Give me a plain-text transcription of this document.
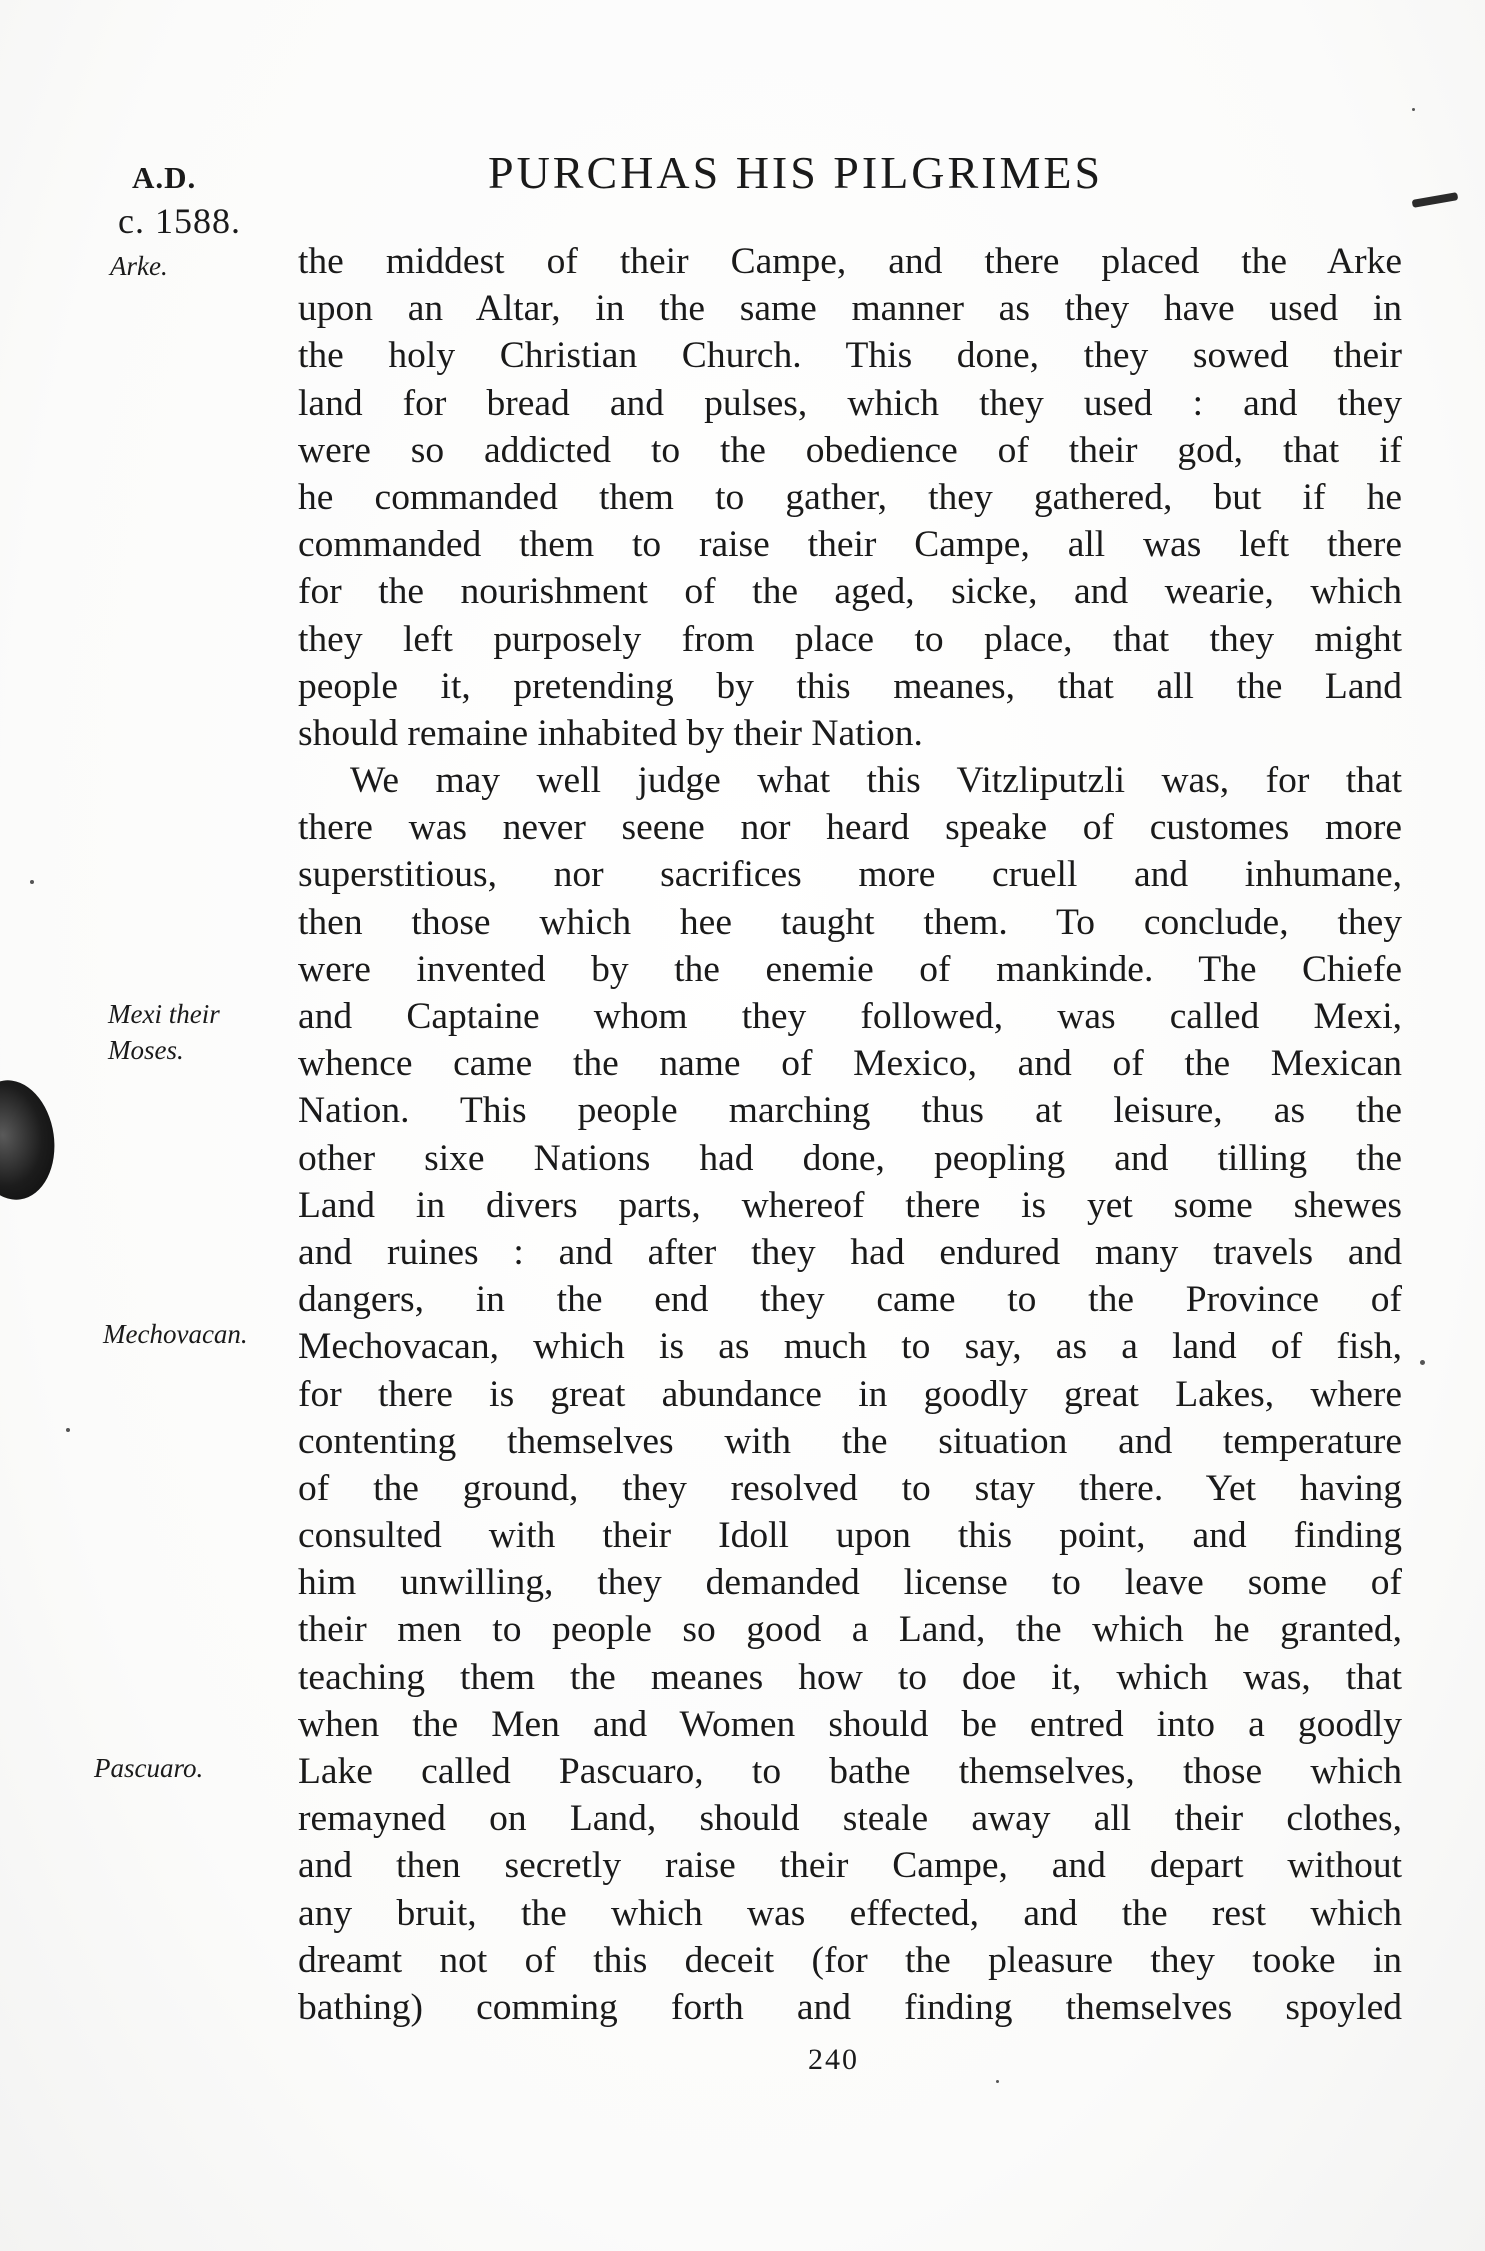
A.D.
c. 1588.
PURCHAS HIS PILGRIMES
Arke.
Mexi their
Moses.
Mechovacan.
Pascuaro.
the middest of their Campe, and there placed the Arke
upon an Altar, in the same manner as they have used in
the holy Christian Church. This done, they sowed their
land for bread and pulses, which they used : and they
were so addicted to the obedience of their god, that if
he commanded them to gather, they gathered, but if he
commanded them to raise their Campe, all was left there
for the nourishment of the aged, sicke, and wearie, which
they left purposely from place to place, that they might
people it, pretending by this meanes, that all the Land
should remaine inhabited by their Nation.
We may well judge what this Vitzliputzli was, for that
there was never seene nor heard speake of customes more
superstitious, nor sacrifices more cruell and inhumane,
then those which hee taught them. To conclude, they
were invented by the enemie of mankinde. The Chiefe
and Captaine whom they followed, was called Mexi,
whence came the name of Mexico, and of the Mexican
Nation. This people marching thus at leisure, as the
other sixe Nations had done, peopling and tilling the
Land in divers parts, whereof there is yet some shewes
and ruines : and after they had endured many travels and
dangers, in the end they came to the Province of
Mechovacan, which is as much to say, as a land of fish,
for there is great abundance in goodly great Lakes, where
contenting themselves with the situation and temperature
of the ground, they resolved to stay there. Yet having
consulted with their Idoll upon this point, and finding
him unwilling, they demanded license to leave some of
their men to people so good a Land, the which he granted,
teaching them the meanes how to doe it, which was, that
when the Men and Women should be entred into a goodly
Lake called Pascuaro, to bathe themselves, those which
remayned on Land, should steale away all their clothes,
and then secretly raise their Campe, and depart without
any bruit, the which was effected, and the rest which
dreamt not of this deceit (for the pleasure they tooke in
bathing) comming forth and finding themselves spoyled
240
